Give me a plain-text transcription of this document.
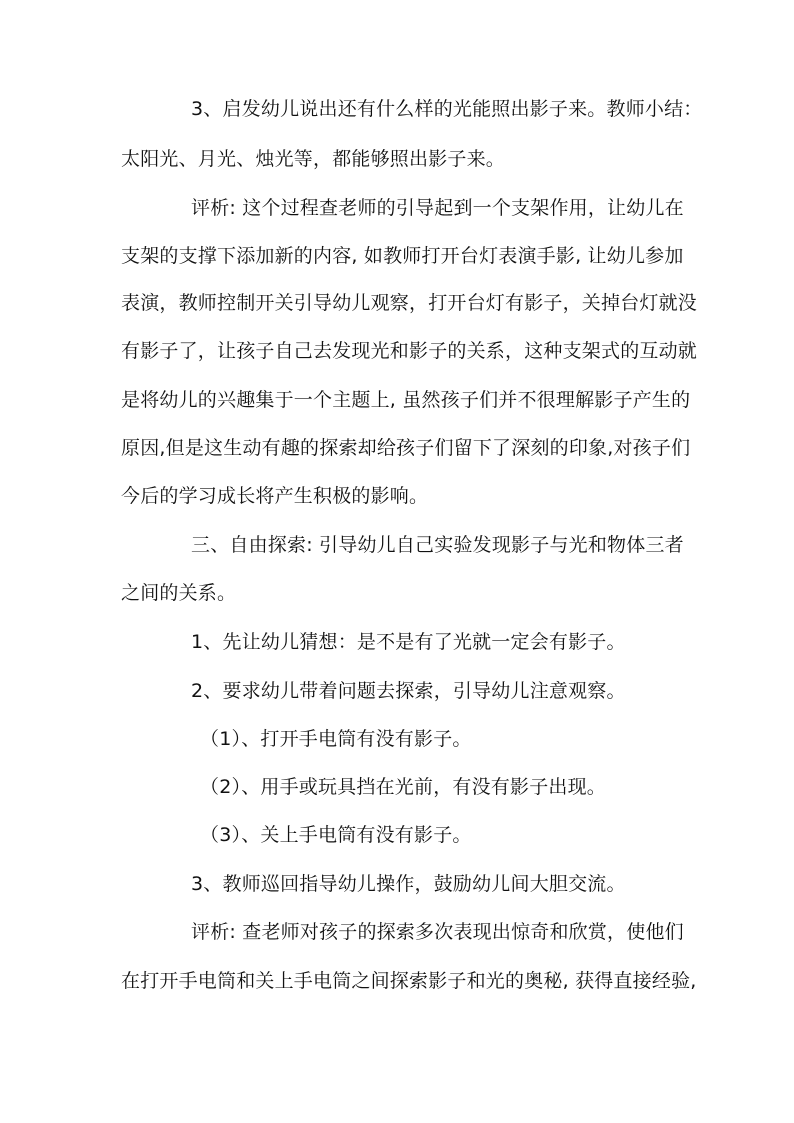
3、启发幼儿说出还有什么样的光能照出影子来。教师小结：
太阳光、月光、烛光等，都能够照出影子来。
评析: 这个过程查老师的引导起到一个支架作用，让幼儿在
支架的支撑下添加新的内容, 如教师打开台灯表演手影, 让幼儿参加
表演，教师控制开关引导幼儿观察，打开台灯有影子，关掉台灯就没
有影子了，让孩子自己去发现光和影子的关系，这种支架式的互动就
是将幼儿的兴趣集于一个主题上, 虽然孩子们并不很理解影子产生的
原因,但是这生动有趣的探索却给孩子们留下了深刻的印象,对孩子们
今后的学习成长将产生积极的影响。
三、自由探索: 引导幼儿自己实验发现影子与光和物体三者
之间的关系。
1、先让幼儿猜想：是不是有了光就一定会有影子。
2、要求幼儿带着问题去探索，引导幼儿注意观察。
（1）、打开手电筒有没有影子。
（2）、用手或玩具挡在光前，有没有影子出现。
（3）、关上手电筒有没有影子。
3、教师巡回指导幼儿操作，鼓励幼儿间大胆交流。
评析: 查老师对孩子的探索多次表现出惊奇和欣赏，使他们
在打开手电筒和关上手电筒之间探索影子和光的奥秘, 获得直接经验,
